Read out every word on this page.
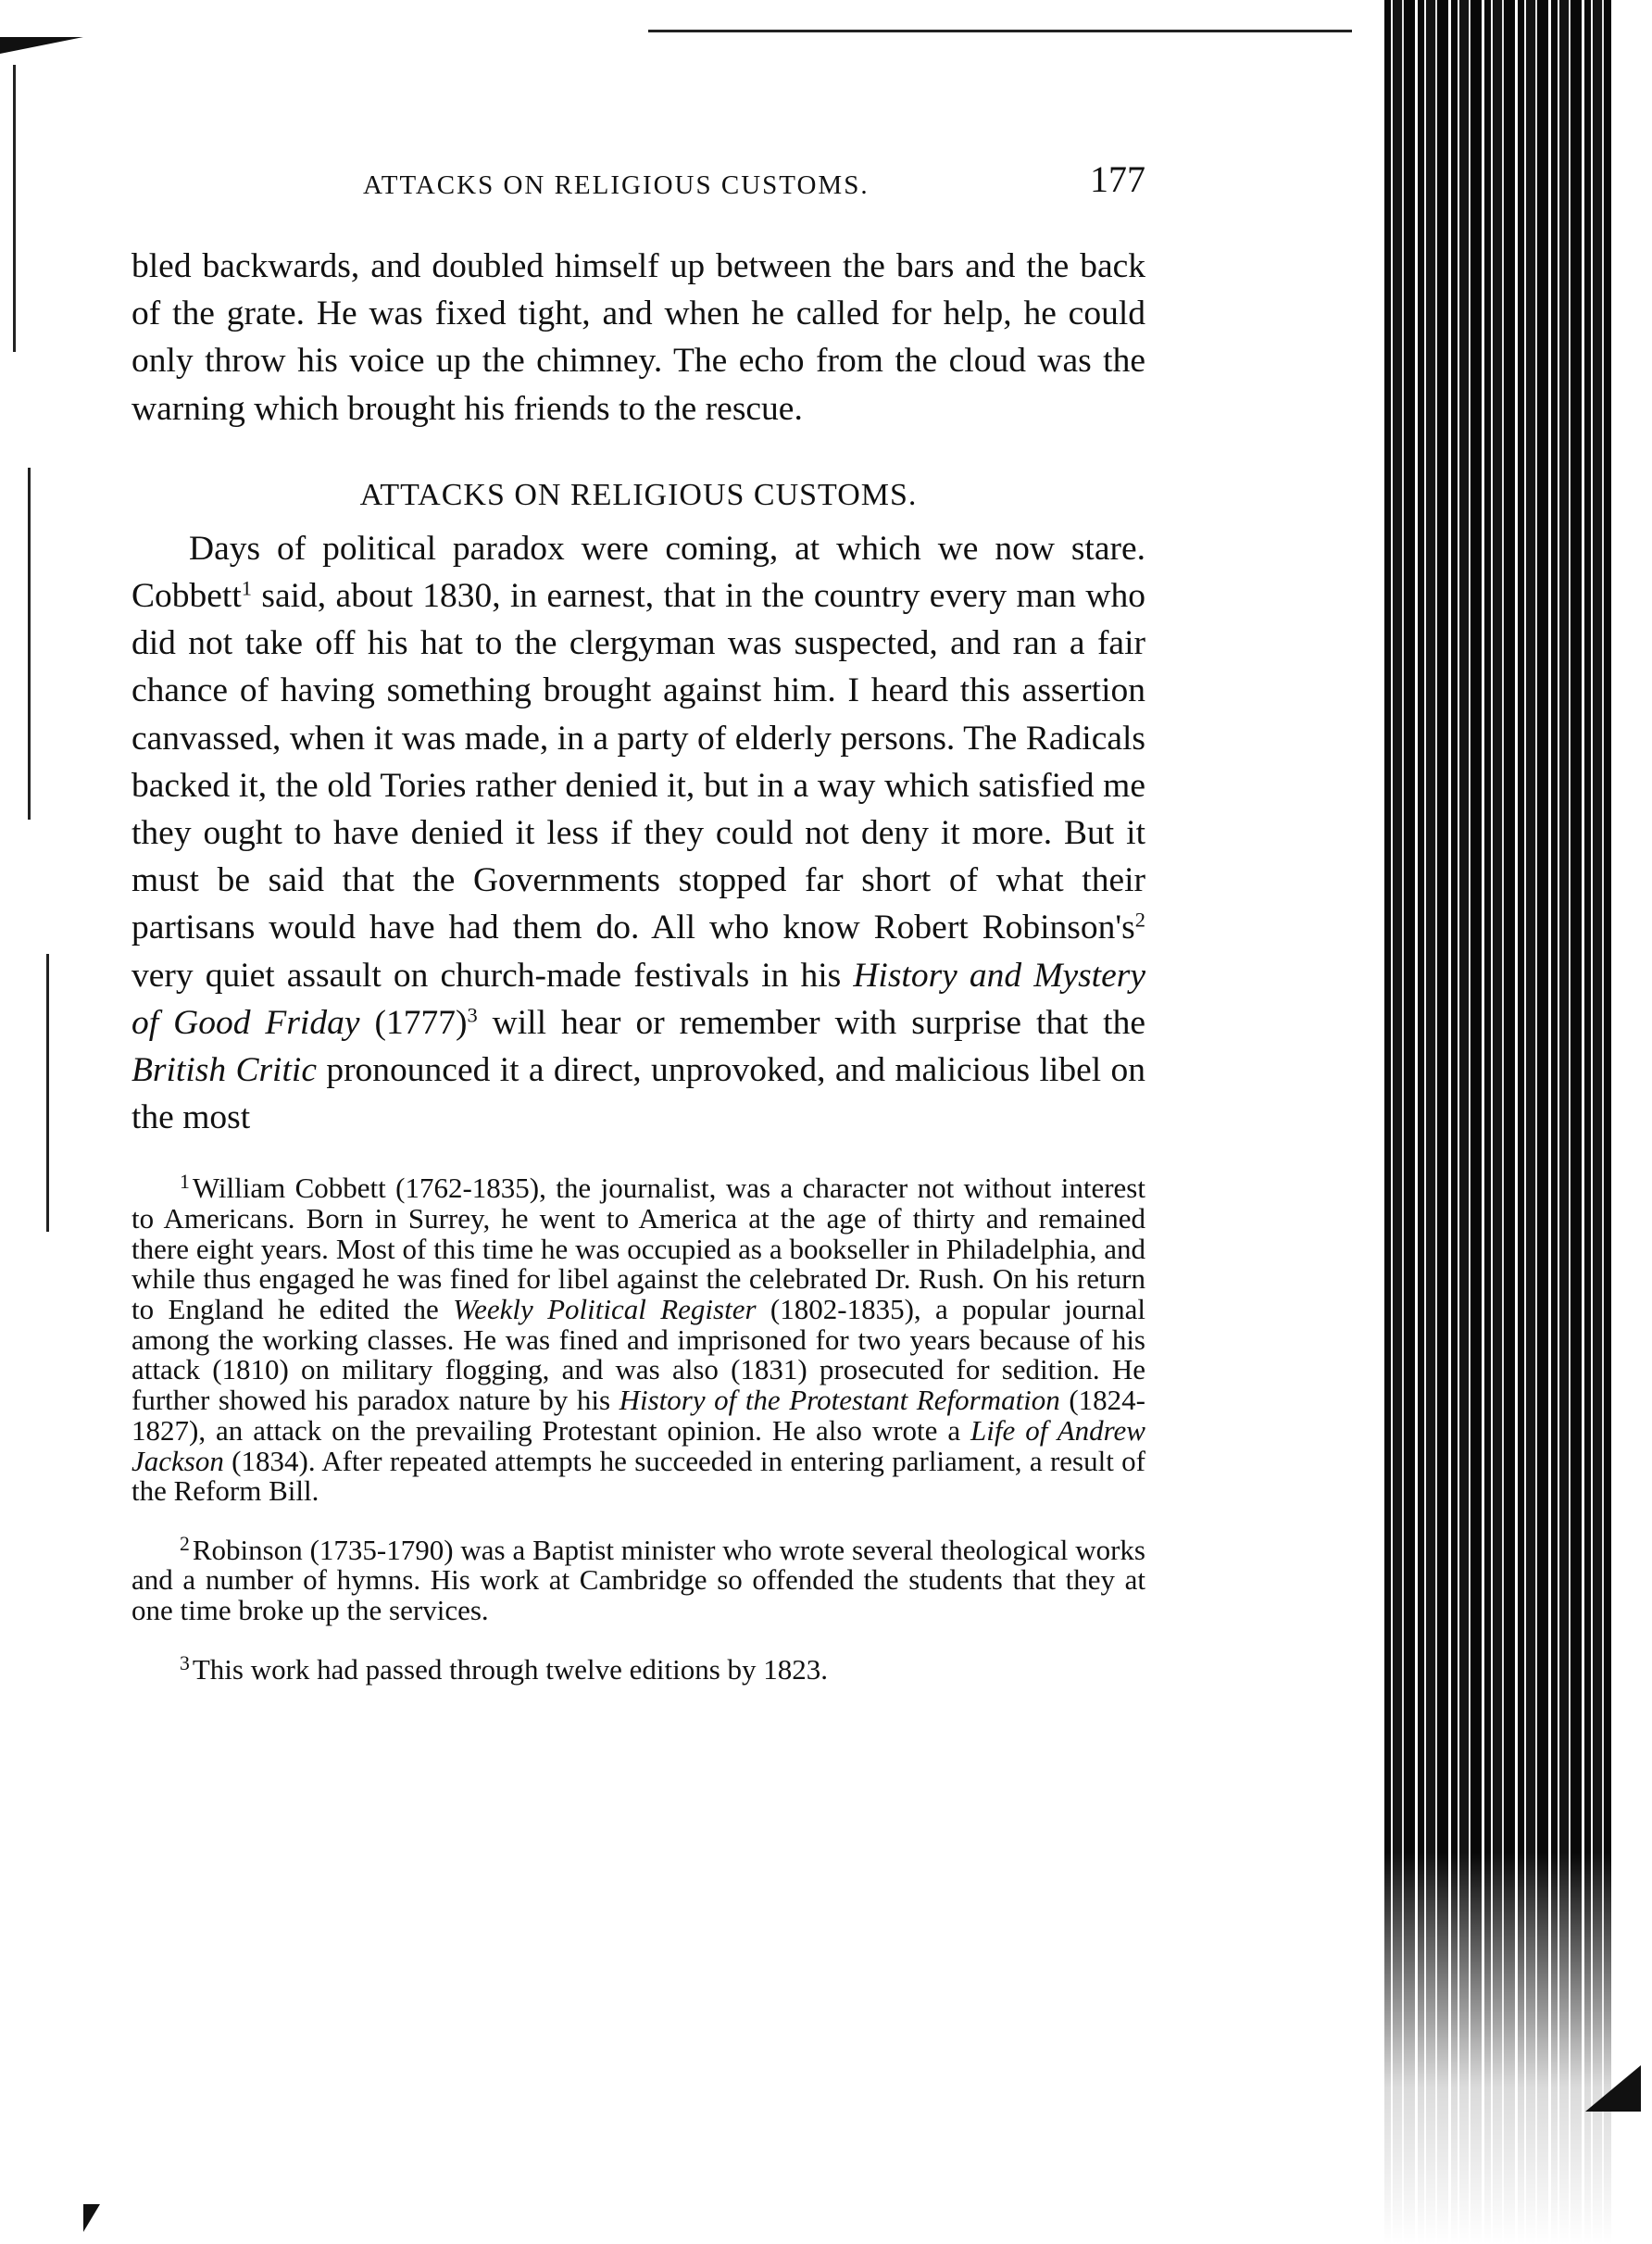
ATTACKS ON RELIGIOUS CUSTOMS.	177

bled backwards, and doubled himself up between the bars and the back of the grate. He was fixed tight, and when he called for help, he could only throw his voice up the chimney. The echo from the cloud was the warning which brought his friends to the rescue.

ATTACKS ON RELIGIOUS CUSTOMS.

Days of political paradox were coming, at which we now stare. Cobbett$^1$ said, about 1830, in earnest, that in the country every man who did not take off his hat to the clergyman was suspected, and ran a fair chance of having something brought against him. I heard this assertion canvassed, when it was made, in a party of elderly persons. The Radicals backed it, the old Tories rather denied it, but in a way which satisfied me they ought to have denied it less if they could not deny it more. But it must be said that the Governments stopped far short of what their partisans would have had them do. All who know Robert $Robinson's^2$ very quiet assault on church-made festivals in his History and Mystery of Good Friday $(1777)^3$ will hear or remember with surprise that the British Critic pronounced it a direct, unprovoked, and malicious libel on the most

$^1$William Cobbett (1762-1835), the journalist, was a character not without interest to Americans. Born in Surrey, he went to America at the age of thirty and remained there eight years. Most of this time he was occupied as a bookseller in Philadelphia, and while thus engaged he was fined for libel against the celebrated Dr. Rush. On his return to England he edited the Weekly Political Register (1802-1835), a popular journal among the working classes. He was fined and imprisoned for two years because of his attack (1810) on military flogging, and was also (1831) prosecuted for sedition. He further showed his paradox nature by his History of the Protestant Reformation (1824-1827), an attack on the prevailing Protestant opinion. He also wrote a Life of Andrew Jackson (1834). After repeated attempts he succeeded in entering parliament, a result of the Reform Bill.

$^2$Robinson (1735-1790) was a Baptist minister who wrote several theological works and a number of hymns. His work at Cambridge so offended the students that they at one time broke up the services.

$^3$This work had passed through twelve editions by 1823.
